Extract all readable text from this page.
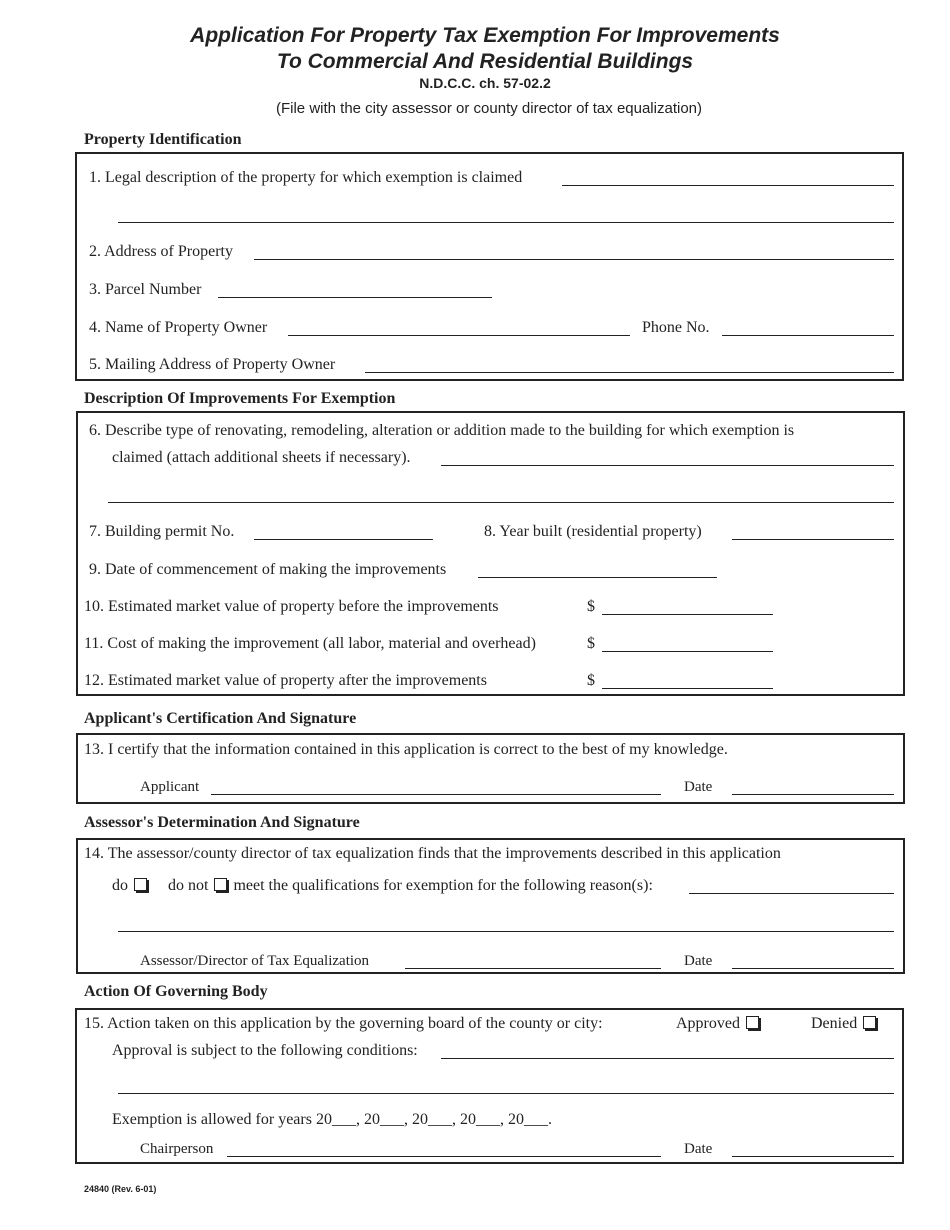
Application For Property Tax Exemption For Improvements
To Commercial And Residential Buildings
N.D.C.C. ch. 57-02.2
(File with the city assessor or county director of tax equalization)
Property Identification
1. Legal description of the property for which exemption is claimed
2. Address of Property
3. Parcel Number
4. Name of Property Owner	Phone No.
5. Mailing Address of Property Owner
Description Of Improvements For Exemption
6. Describe type of renovating, remodeling, alteration or addition made to the building for which exemption is
claimed (attach additional sheets if necessary).
7. Building permit No.	8. Year built (residential property)
9. Date of commencement of making the improvements
10. Estimated market value of property before the improvements	$
11. Cost of making the improvement (all labor, material and overhead)	$
12. Estimated market value of property after the improvements	$
Applicant's Certification And Signature
13. I certify that the information contained in this application is correct to the best of my knowledge.
Applicant	Date
Assessor's Determination And Signature
14. The assessor/county director of tax equalization finds that the improvements described in this application
do	do not meet the qualifications for exemption for the following reason(s):
Assessor/Director of Tax Equalization	Date
Action Of Governing Body
15. Action taken on this application by the governing board of the county or city:	Approved	Denied
Approval is subject to the following conditions:
Exemption is allowed for years 20___, 20___, 20___, 20___, 20___.
Chairperson	Date
24840 (Rev. 6-01)
